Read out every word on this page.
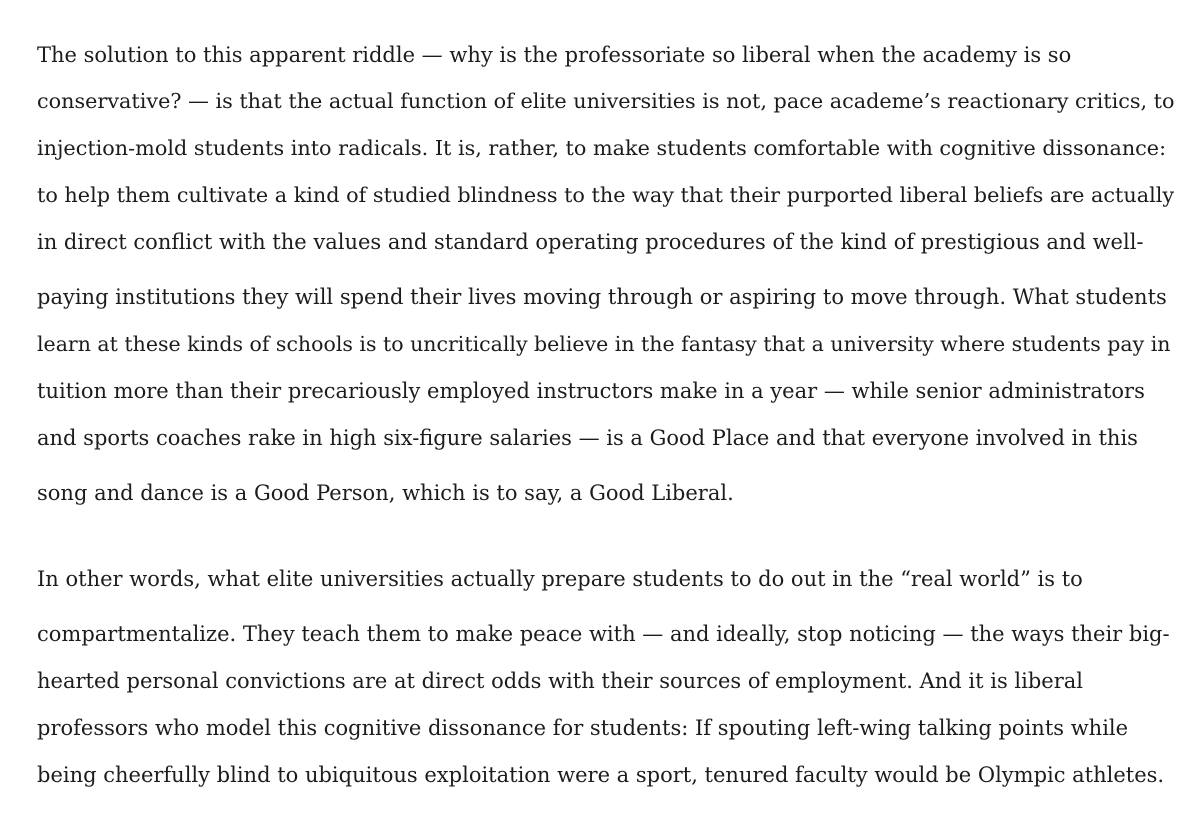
The solution to this apparent riddle — why is the professoriate so liberal when the academy is so
conservative? — is that the actual function of elite universities is not, pace academe’s reactionary critics, to
injection-mold students into radicals. It is, rather, to make students comfortable with cognitive dissonance:
to help them cultivate a kind of studied blindness to the way that their purported liberal beliefs are actually
in direct conflict with the values and standard operating procedures of the kind of prestigious and well-
paying institutions they will spend their lives moving through or aspiring to move through. What students
learn at these kinds of schools is to uncritically believe in the fantasy that a university where students pay in
tuition more than their precariously employed instructors make in a year — while senior administrators
and sports coaches rake in high six-figure salaries — is a Good Place and that everyone involved in this
song and dance is a Good Person, which is to say, a Good Liberal.
In other words, what elite universities actually prepare students to do out in the “real world” is to
compartmentalize. They teach them to make peace with — and ideally, stop noticing — the ways their big-
hearted personal convictions are at direct odds with their sources of employment. And it is liberal
professors who model this cognitive dissonance for students: If spouting left-wing talking points while
being cheerfully blind to ubiquitous exploitation were a sport, tenured faculty would be Olympic athletes.
